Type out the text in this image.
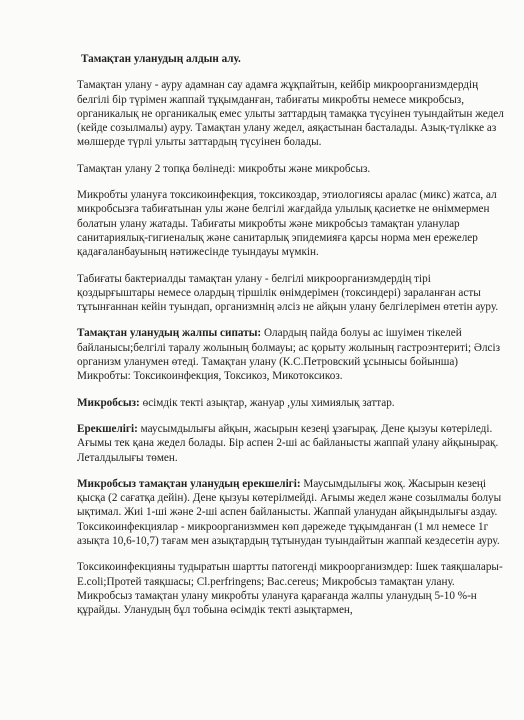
Тамақтан уланудың алдын алу.

Тамақтан улану - ауру адамнан сау адамға жұқпайтын, кейбір микроорганизмдердің белгілі бір түрімен жаппай тұқымданған, табиғаты микробты немесе микробсыз, органикалық не органикалық емес улыты заттардың тамақка түсуінен туындайтын жедел (кейде созылмалы) ауру. Тамақтан улану жедел, аяқастынан басталады. Азық-түлікке аз мөлшерде түрлі улыты заттардың түсуінен болады.

Тамақтан улану 2 топқа бөлінеді: микробты және микробсыз.

Микробты улануға токсикоинфекция, токсикоздар, этиологиясы аралас (микс) жатса, ал микробсызға табиғатынан улы және белгілі жағдайда улылық қасиетке не өніммермен болатын улану жатады. Табиғаты микробты және микробсыз тамақтан уланулар санитариялық-гигиеналық және санитарлық эпидемияға қарсы норма мен ережелер қадағаланбауының нәтижесінде туындауы мүмкін.

Табиғаты бактериалды тамақтан улану - белгілі микроорганизмдердің тірі қоздырғыштары немесе олардың тіршілік өнімдерімен (токсиндері) зараланған асты тұтынғаннан кейін туындап, организмнің әлсіз не айқын улану белгілерімен өтетін ауру.

Тамақтан уланудың жалпы сипаты: Олардың пайда болуы ас ішуімен тікелей байланысы;белгілі таралу жолының болмауы; ас қорыту жолының гастроэнтериті; Әлсіз организм уланумен өтеді. Тамақтан улану (К.С.Петровский ұсынысы бойынша) Микробты: Токсикоинфекция, Токсикоз, Микотоксикоз.

Микробсыз: өсімдік текті азықтар, жануар ,улы химиялық заттар.

Ерекшелігі: маусымдылығы айқын, жасырын кезеңі ұзағырақ. Дене қызуы көтеріледі. Ағымы тек қана жедел болады. Бір аспен 2-ші ас байланысты жаппай улану айқынырақ. Леталдылығы төмен.

Микробсыз тамақтан уланудың ерекшелігі: Маусымдылығы жоқ. Жасырын кезеңі қысқа (2 сағатқа дейін). Дене қызуы көтерілмейді. Ағымы жедел және созылмалы болуы ықтимал. Жиі 1-ші және 2-ші аспен байланысты. Жаппай уланудан айқындылығы аздау. Токсикоинфекциялар - микроорганизммен көп дәрежеде тұқымданған (1 мл немесе 1г азықта 10,6-10,7) тағам мен азықтардың тұтынудан туындайтын жаппай кездесетін ауру.

Токсикоинфекцияны тудыратын шартты патогенді микроорганизмдер: Ішек таяқшалары-E.coli;Протей таяқшасы; Cl.perfringens; Bac.cereus; Микробсыз тамақтан улану. Микробсыз тамақтан улану микробты улануға қарағанда жалпы уланудың 5-10 %-н құрайды. Уланудың бұл тобына өсімдік текті азықтармен,
